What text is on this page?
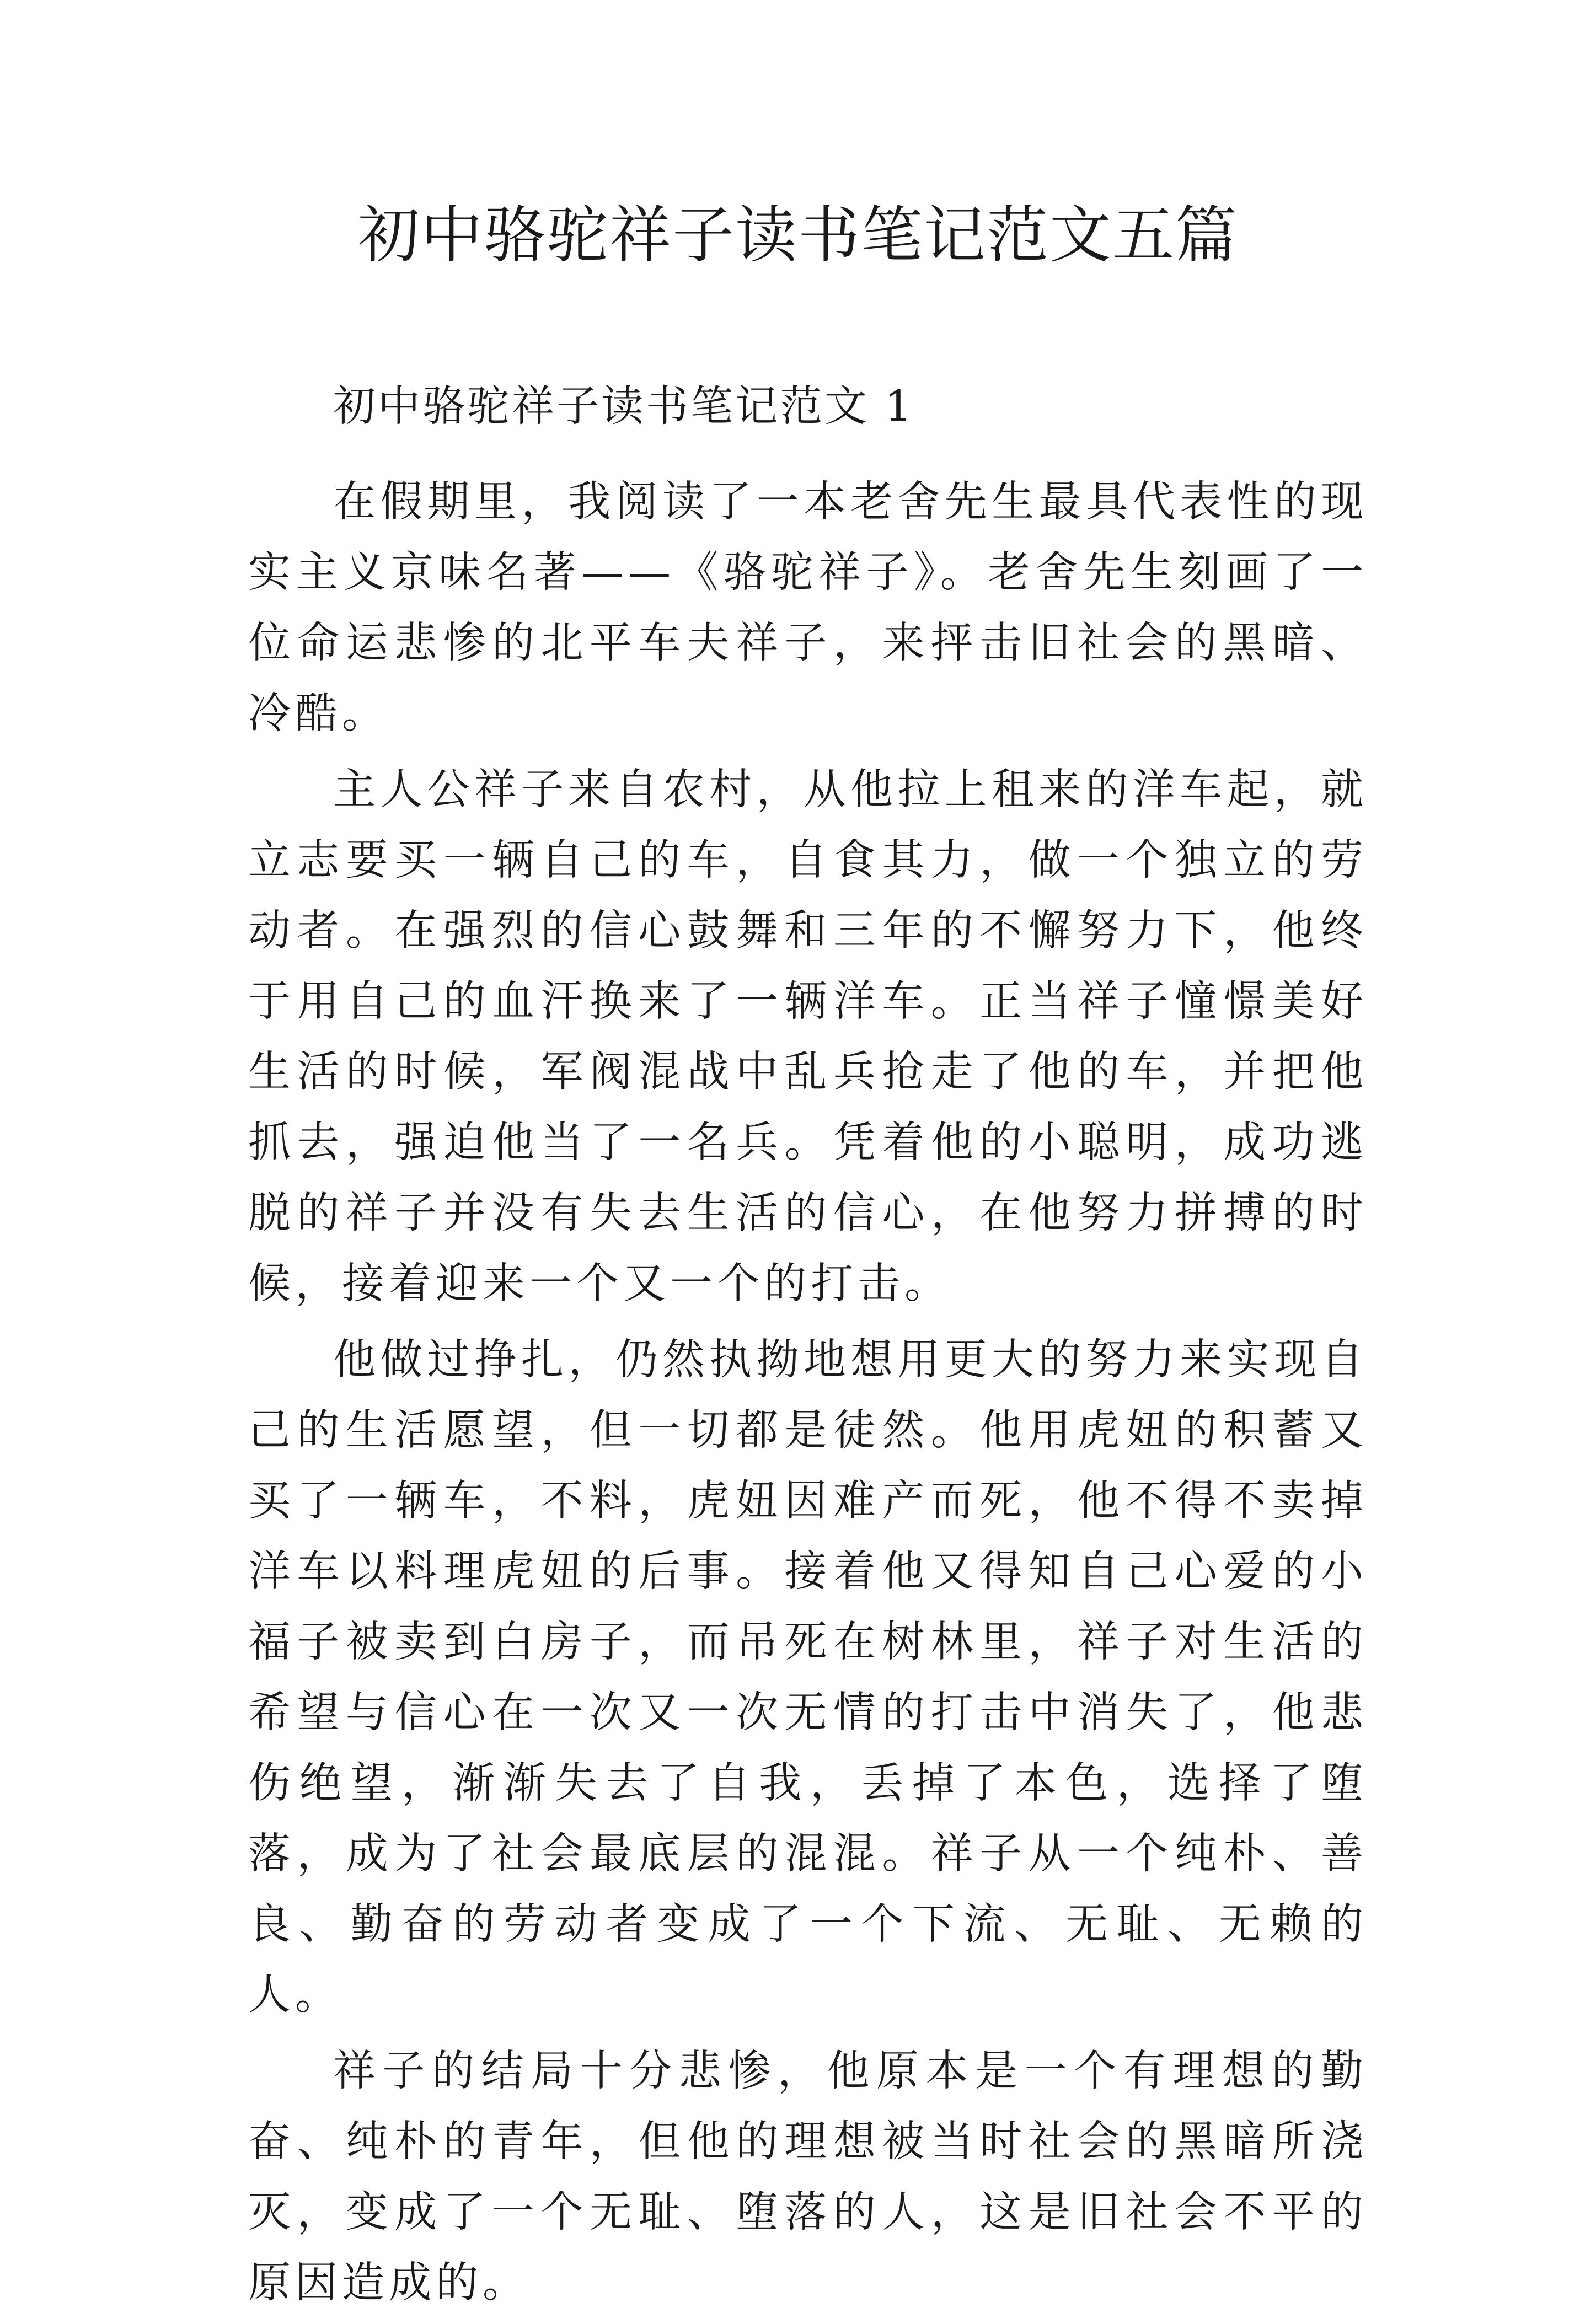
初中骆驼祥子读书笔记范文五篇

初中骆驼祥子读书笔记范文 1

在假期里，我阅读了一本老舍先生最具代表性的现实主义京味名著——《骆驼祥子》。老舍先生刻画了一位命运悲惨的北平车夫祥子，来抨击旧社会的黑暗、冷酷。

主人公祥子来自农村，从他拉上租来的洋车起，就立志要买一辆自己的车，自食其力，做一个独立的劳动者。在强烈的信心鼓舞和三年的不懈努力下，他终于用自己的血汗换来了一辆洋车。正当祥子憧憬美好生活的时候，军阀混战中乱兵抢走了他的车，并把他抓去，强迫他当了一名兵。凭着他的小聪明，成功逃脱的祥子并没有失去生活的信心，在他努力拼搏的时候，接着迎来一个又一个的打击。

他做过挣扎，仍然执拗地想用更大的努力来实现自己的生活愿望，但一切都是徒然。他用虎妞的积蓄又买了一辆车，不料，虎妞因难产而死，他不得不卖掉洋车以料理虎妞的后事。接着他又得知自己心爱的小福子被卖到白房子，而吊死在树林里，祥子对生活的希望与信心在一次又一次无情的打击中消失了，他悲伤绝望，渐渐失去了自我，丢掉了本色，选择了堕落，成为了社会最底层的混混。祥子从一个纯朴、善良、勤奋的劳动者变成了一个下流、无耻、无赖的人。

祥子的结局十分悲惨，他原本是一个有理想的勤奋、纯朴的青年，但他的理想被当时社会的黑暗所浇灭，变成了一个无耻、堕落的人，这是旧社会不平的原因造成的。
